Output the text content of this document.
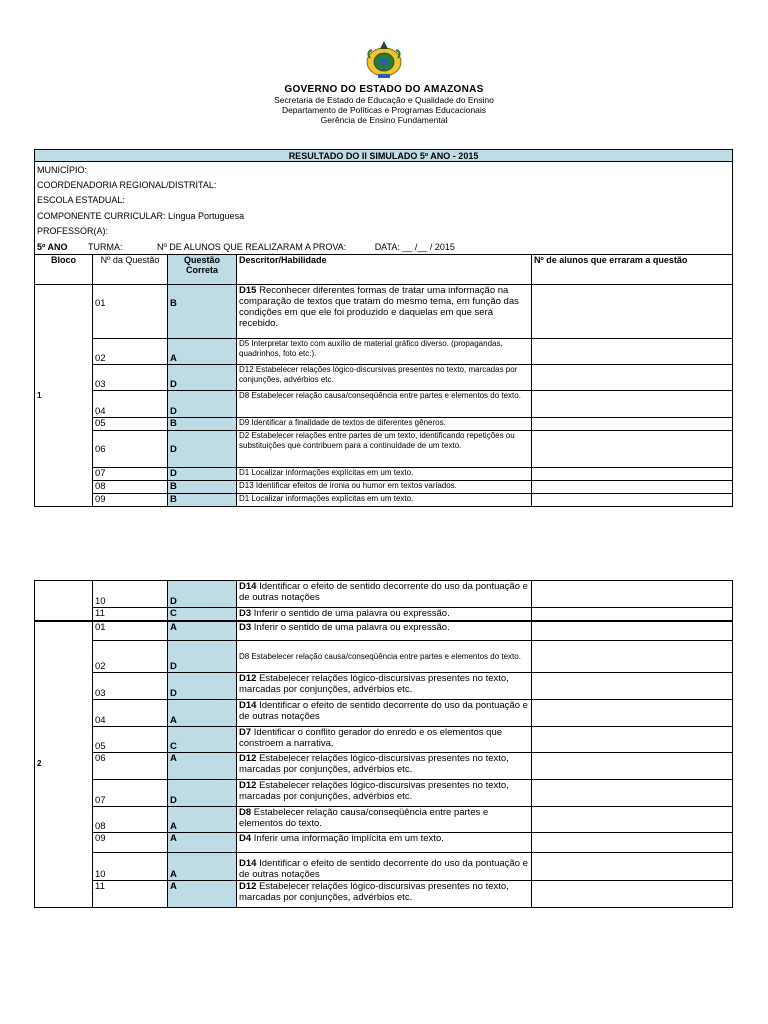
GOVERNO DO ESTADO DO AMAZONAS
Secretaria de Estado de Educação e Qualidade do Ensino
Departamento de Políticas e Programas Educacionais
Gerência de Ensino Fundamental
RESULTADO DO II SIMULADO 5º ANO - 2015				
MUNICÍPIO:				
COORDENADORIA REGIONAL/DISTRITAL:				
ESCOLA ESTADUAL:				
COMPONENTE CURRICULAR: Língua Portuguesa				
PROFESSOR(A):				
5º ANO TURMA: Nº DE ALUNOS QUE REALIZARAM A PROVA: DATA: __ /__ / 2015				
Bloco	Nº da Questão	Questão Correta	Descritor/Habilidade	Nº de alunos que erraram a questão
1	01	B	D15 Reconhecer diferentes formas de tratar uma informação na comparação de textos que tratam do mesmo tema, em função das condições em que ele foi produzido e daquelas em que será recebido.	
	02	A	D5 Interpretar texto com auxílio de material gráfico diverso. (propagandas, quadrinhos, foto etc.).	
	03	D	D12 Estabelecer relações lógico-discursivas presentes no texto, marcadas por conjunções, advérbios etc.	
	04	D	D8 Estabelecer relação causa/conseqüência entre partes e elementos do texto.	
	05	B	D9 Identificar a finalidade de textos de diferentes gêneros.	
	06	D	D2 Estabelecer relações entre partes de um texto, identificando repetições ou substituições que contribuem para a continuidade de um texto.	
	07	D	D1 Localizar informações explícitas em um texto.	
	08	B	D13 Identificar efeitos de ironia ou humor em textos variados.	
	09	B	D1 Localizar informações explícitas em um texto.	
	10	D	D14 Identificar o efeito de sentido decorrente do uso da pontuação e de outras notações	
	11	C	D3 Inferir o sentido de uma palavra ou expressão.	
2	01	A	D3 Inferir o sentido de uma palavra ou expressão.	
	02	D	D8 Estabelecer relação causa/conseqüência entre partes e elementos do texto.	
	03	D	D12 Estabelecer relações lógico-discursivas presentes no texto, marcadas por conjunções, advérbios etc.	
	04	A	D14 Identificar o efeito de sentido decorrente do uso da pontuação e de outras notações	
	05	C	D7 Identificar o conflito gerador do enredo e os elementos que constroem a narrativa.	
	06	A	D12 Estabelecer relações lógico-discursivas presentes no texto, marcadas por conjunções, advérbios etc.	
	07	D	D12 Estabelecer relações lógico-discursivas presentes no texto, marcadas por conjunções, advérbios etc.	
	08	A	D8 Estabelecer relação causa/conseqüência entre partes e elementos do texto.	
	09	A	D4 Inferir uma informação implícita em um texto.	
	10	A	D14 Identificar o efeito de sentido decorrente do uso da pontuação e de outras notações	
	11	A	D12 Estabelecer relações lógico-discursivas presentes no texto, marcadas por conjunções, advérbios etc.	
